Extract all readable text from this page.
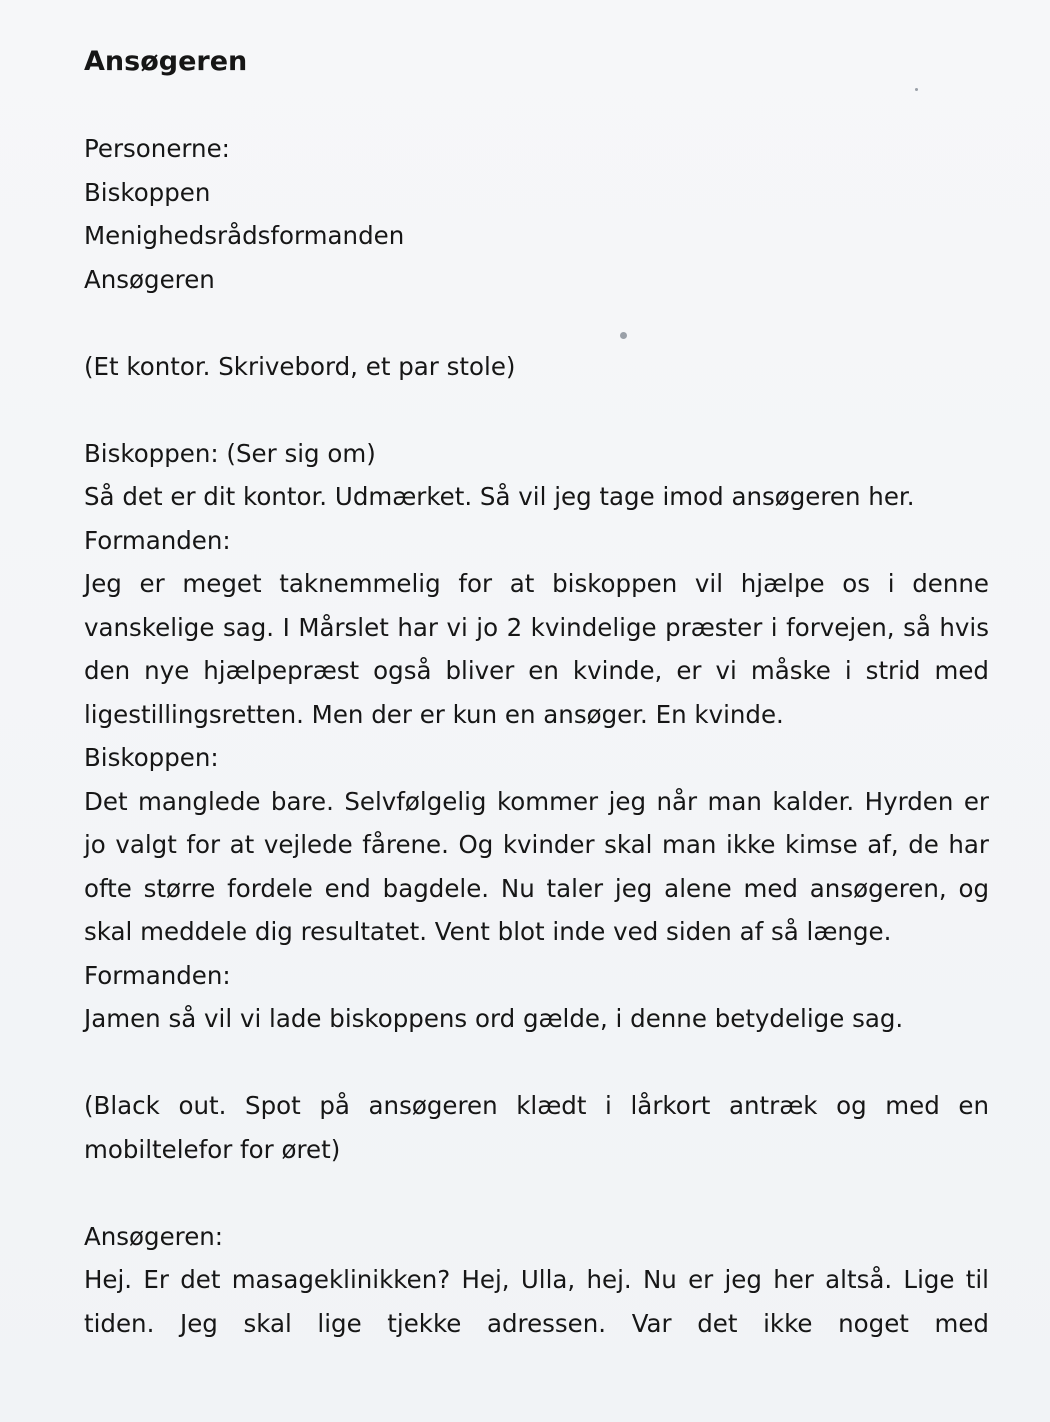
Ansøgeren

Personerne:

Biskoppen

Menighedsrådsformanden

Ansøgeren

(Et kontor. Skrivebord, et par stole)

Biskoppen: (Ser sig om)

Så det er dit kontor. Udmærket. Så vil jeg tage imod ansøgeren her.

Formanden:

Jeg er meget taknemmelig for at biskoppen vil hjælpe os i denne vanskelige sag. I Mårslet har vi jo 2 kvindelige præster i forvejen, så hvis den nye hjælpepræst også bliver en kvinde, er vi måske i strid med ligestillingsretten. Men der er kun en ansøger. En kvinde.

Biskoppen:

Det manglede bare. Selvfølgelig kommer jeg når man kalder. Hyrden er jo valgt for at vejlede fårene. Og kvinder skal man ikke kimse af, de har ofte større fordele end bagdele. Nu taler jeg alene med ansøgeren, og skal meddele dig resultatet. Vent blot inde ved siden af så længe.

Formanden:

Jamen så vil vi lade biskoppens ord gælde, i denne betydelige sag.

(Black out. Spot på ansøgeren klædt i lårkort antræk og med en mobiltelefor for øret)

Ansøgeren:

Hej. Er det masageklinikken? Hej, Ulla, hej. Nu er jeg her altså. Lige til tiden. Jeg skal lige tjekke adressen. Var det ikke noget med
